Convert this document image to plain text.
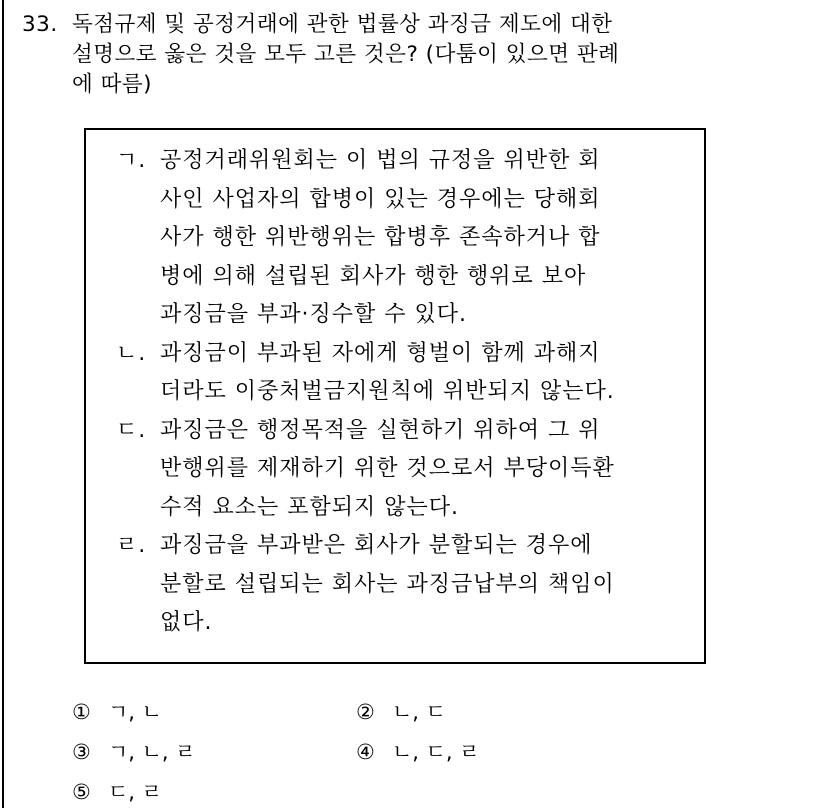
33. 독점규제 및 공정거래에 관한 법률상 과징금 제도에 대한
설명으로 옳은 것을 모두 고른 것은? (다툼이 있으면 판례
에 따름)
ㄱ. 공정거래위원회는 이 법의 규정을 위반한 회
사인 사업자의 합병이 있는 경우에는 당해회
사가 행한 위반행위는 합병후 존속하거나 합
병에 의해 설립된 회사가 행한 행위로 보아
과징금을 부과·징수할 수 있다.
ㄴ. 과징금이 부과된 자에게 형벌이 함께 과해지
더라도 이중처벌금지원칙에 위반되지 않는다.
ㄷ. 과징금은 행정목적을 실현하기 위하여 그 위
반행위를 제재하기 위한 것으로서 부당이득환
수적 요소는 포함되지 않는다.
ㄹ. 과징금을 부과받은 회사가 분할되는 경우에
분할로 설립되는 회사는 과징금납부의 책임이
없다.
① ㄱ, ㄴ	② ㄴ, ㄷ
③ ㄱ, ㄴ, ㄹ	④ ㄴ, ㄷ, ㄹ
⑤ ㄷ, ㄹ
